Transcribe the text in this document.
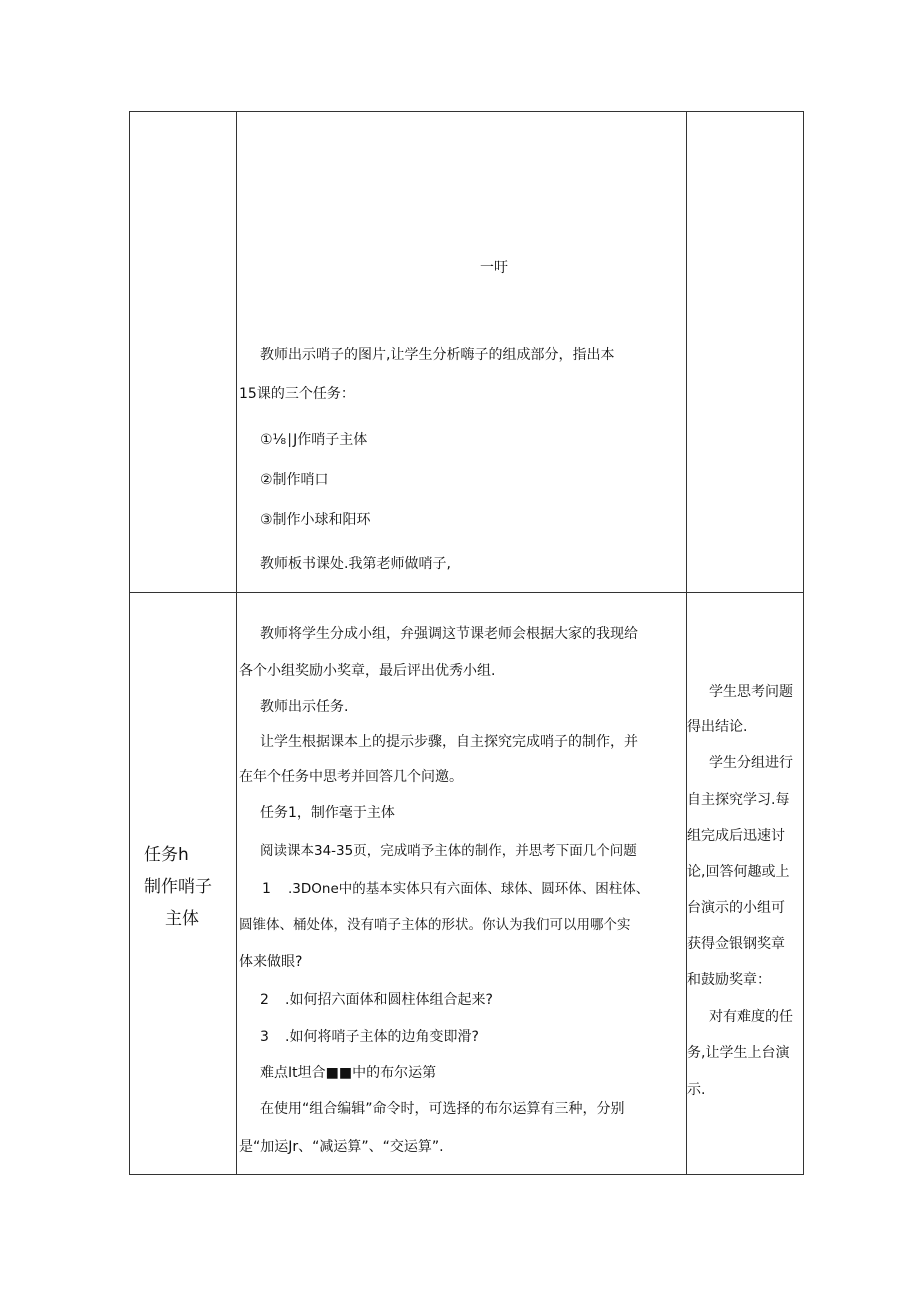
一吁
教师出示哨子的图片,让学生分析嗨子的组成部分，指出本
15课的三个任务：
①⅛∣J作哨子主体
②制作哨口
③制作小球和阳环
教师板书课处.我第老师做哨子,
任务h
制作哨子
主体
教师将学生分成小组，弁强调这节课老师会根据大家的我现给
各个小组奖励小奖章，最后评出优秀小组.
教师出示任务.
让学生根据课本上的提示步骤，自主探究完成哨子的制作，并
在年个任务中思考并回答几个问邀。
任务1，制作毫于主体
阅读课本34-35页，完成哨予主体的制作，并思考下面几个问题
1 .3DOne中的基本实体只有六面体、球体、圆环体、困柱体、
圆锥体、桶处体，没有哨子主体的形状。你认为我们可以用哪个实
体来做眼?
2 .如何招六面体和圆柱体组合起来?
3 .如何将哨子主体的边角变即滑?
难点It坦合■■中的布尔运第
在使用“组合编辑”命令时，可选择的布尔运算有三种，分别
是“加运Jr、“减运算”、“交运算”.
学生思考问题
得出结论.
学生分组进行
自主探究学习.每
组完成后迅速讨
论,回答何趣或上
台演示的小组可
获得佥银钢奖章
和鼓励奖章：
对有难度的任
务,让学生上台演
示.
